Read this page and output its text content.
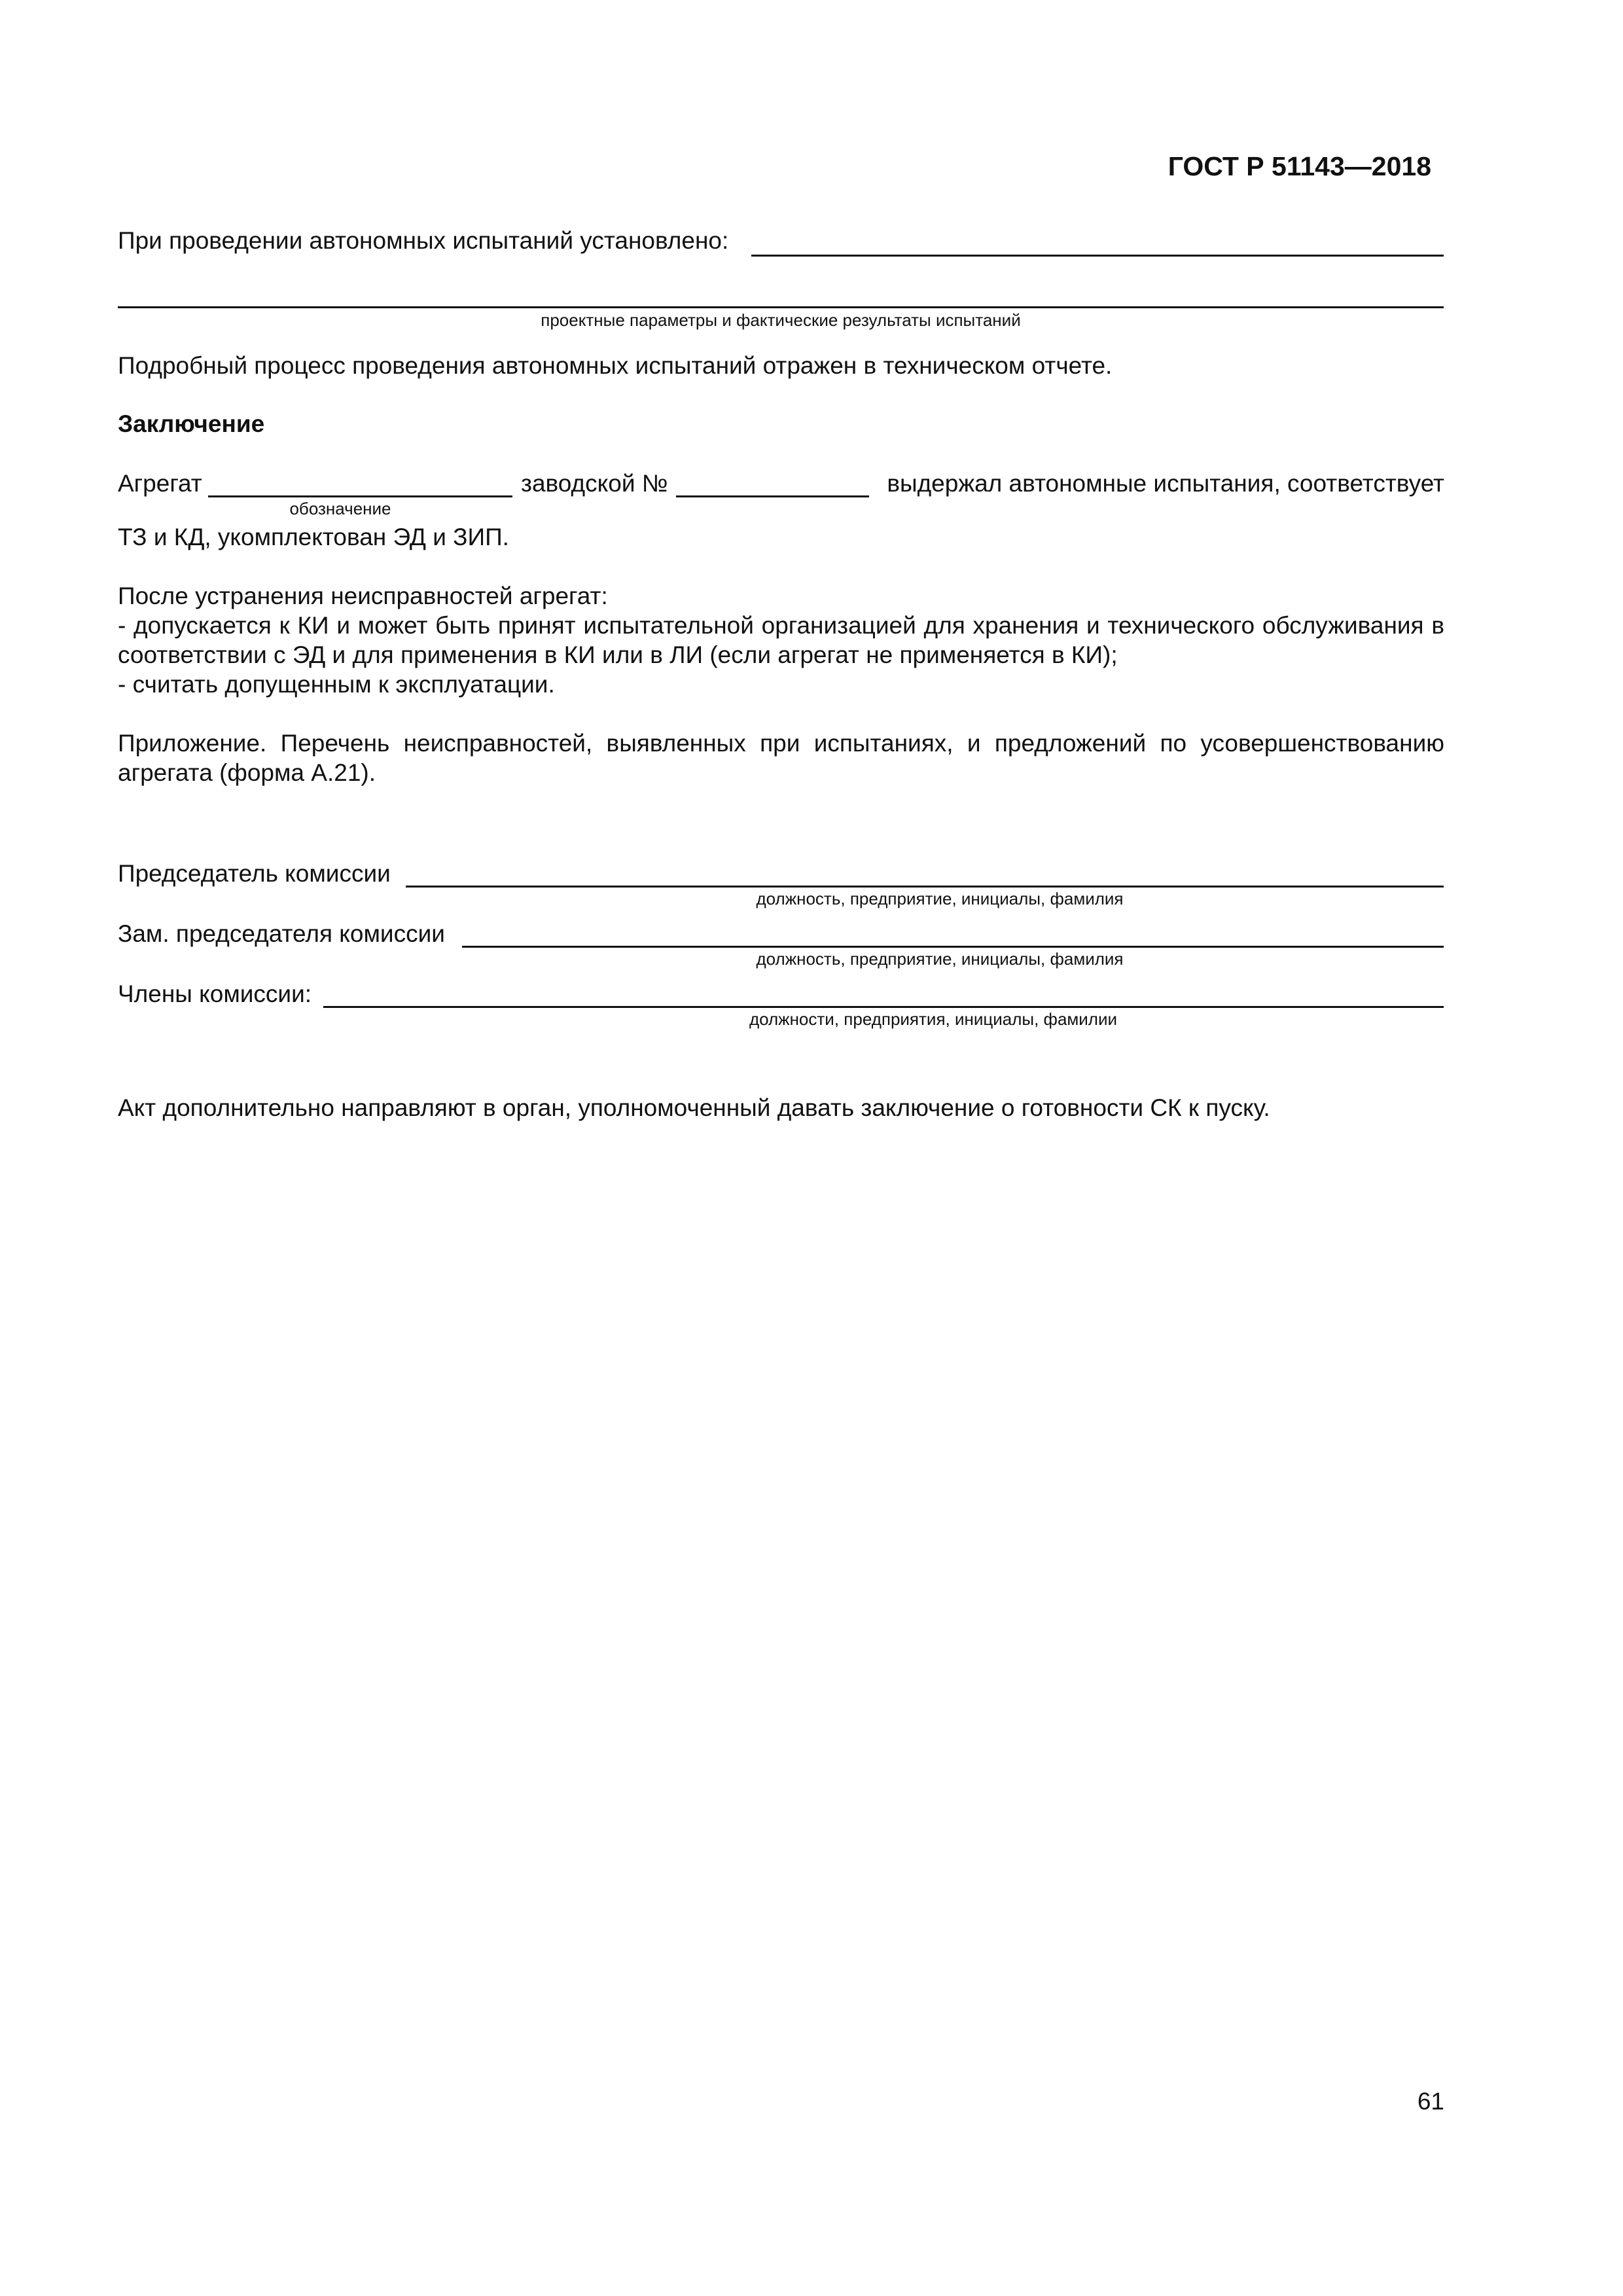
ГОСТ Р 51143—2018
При проведении автономных испытаний установлено:
проектные параметры и фактические результаты испытаний
Подробный процесс проведения автономных испытаний отражен в техническом отчете.
Заключение
Агрегат
обозначение
заводской №	выдержал автономные испытания, соответствует
ТЗ и КД, укомплектован ЭД и ЗИП.
После устранения неисправностей агрегат:
- допускается к КИ и может быть принят испытательной организацией для хранения и технического обслуживания в соответствии с ЭД и для применения в КИ или в ЛИ (если агрегат не применяется в КИ);
- считать допущенным к эксплуатации.
Приложение. Перечень неисправностей, выявленных при испытаниях, и предложений по усовершенствованию агрегата (форма А.21).
Председатель комиссии
должность, предприятие, инициалы, фамилия
Зам. председателя комиссии
должность, предприятие, инициалы, фамилия
Члены комиссии:
должности, предприятия, инициалы, фамилии
Акт дополнительно направляют в орган, уполномоченный давать заключение о готовности СК к пуску.
61
